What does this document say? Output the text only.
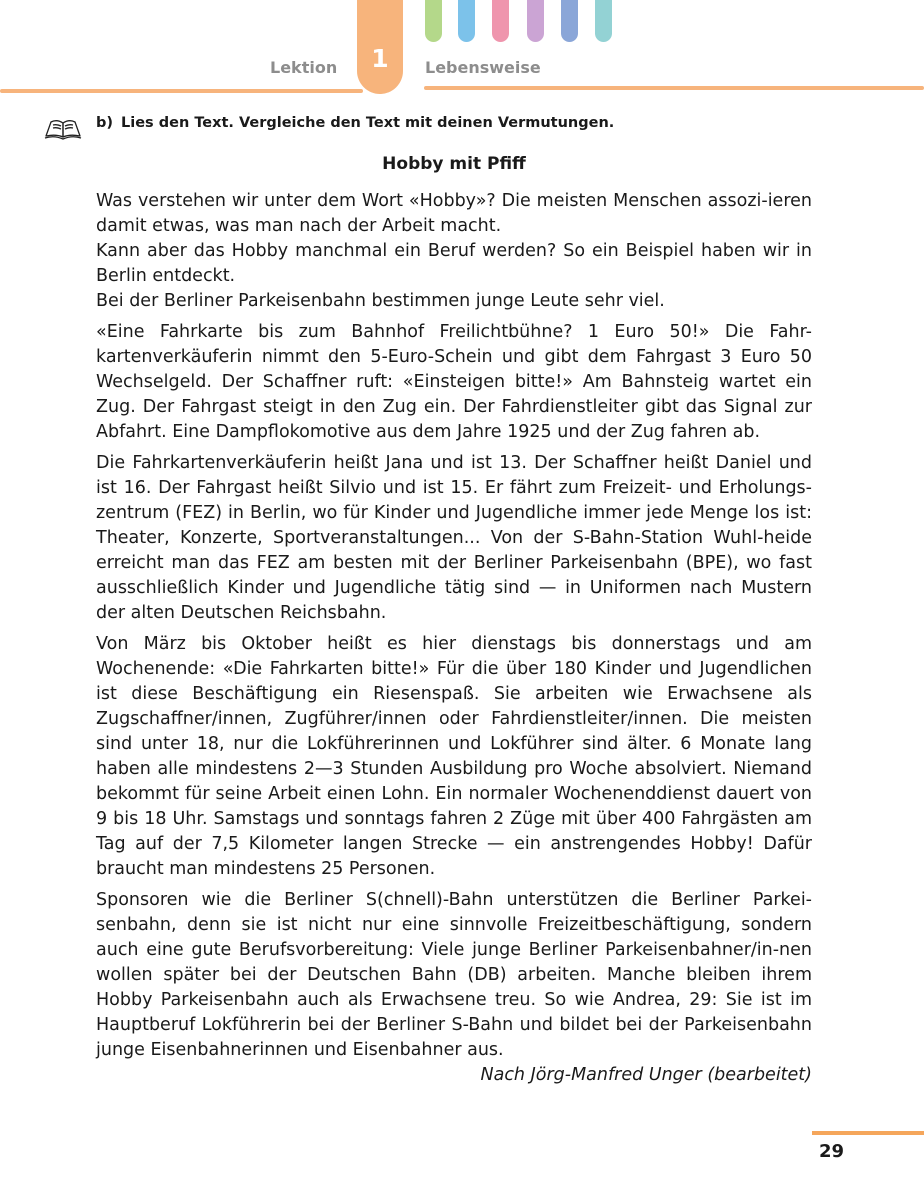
Lektion	1	Lebensweise
b) Lies den Text. Vergleiche den Text mit deinen Vermutungen.
Hobby mit Pfiff

Was verstehen wir unter dem Wort «Hobby»? Die meisten Menschen assozi-ieren damit etwas, was man nach der Arbeit macht.

Kann aber das Hobby manchmal ein Beruf werden? So ein Beispiel haben wir in Berlin entdeckt.

Bei der Berliner Parkeisenbahn bestimmen junge Leute sehr viel.

«Eine Fahrkarte bis zum Bahnhof Freilichtbühne? 1 Euro 50!» Die Fahr-kartenverkäuferin nimmt den 5-Euro-Schein und gibt dem Fahrgast 3 Euro 50 Wechselgeld. Der Schaffner ruft: «Einsteigen bitte!» Am Bahnsteig wartet ein Zug. Der Fahrgast steigt in den Zug ein. Der Fahrdienstleiter gibt das Signal zur Abfahrt. Eine Dampflokomotive aus dem Jahre 1925 und der Zug fahren ab.

Die Fahrkartenverkäuferin heißt Jana und ist 13. Der Schaffner heißt Daniel und ist 16. Der Fahrgast heißt Silvio und ist 15. Er fährt zum Freizeit- und Erholungs-zentrum (FEZ) in Berlin, wo für Kinder und Jugendliche immer jede Menge los ist: Theater, Konzerte, Sportveranstaltungen... Von der S-Bahn-Station Wuhl-heide erreicht man das FEZ am besten mit der Berliner Parkeisenbahn (BPE), wo fast ausschließlich Kinder und Jugendliche tätig sind — in Uniformen nach Mustern der alten Deutschen Reichsbahn.

Von März bis Oktober heißt es hier dienstags bis donnerstags und am Wochenende: «Die Fahrkarten bitte!» Für die über 180 Kinder und Jugendlichen ist diese Beschäftigung ein Riesenspaß. Sie arbeiten wie Erwachsene als Zugschaffner/innen, Zugführer/innen oder Fahrdienstleiter/innen. Die meisten sind unter 18, nur die Lokführerinnen und Lokführer sind älter. 6 Monate lang haben alle mindestens 2—3 Stunden Ausbildung pro Woche absolviert. Niemand bekommt für seine Arbeit einen Lohn. Ein normaler Wochenenddienst dauert von 9 bis 18 Uhr. Samstags und sonntags fahren 2 Züge mit über 400 Fahrgästen am Tag auf der 7,5 Kilometer langen Strecke — ein anstrengendes Hobby! Dafür braucht man mindestens 25 Personen.

Sponsoren wie die Berliner S(chnell)-Bahn unterstützen die Berliner Parkei-senbahn, denn sie ist nicht nur eine sinnvolle Freizeitbeschäftigung, sondern auch eine gute Berufsvorbereitung: Viele junge Berliner Parkeisenbahner/in-nen wollen später bei der Deutschen Bahn (DB) arbeiten. Manche bleiben ihrem Hobby Parkeisenbahn auch als Erwachsene treu. So wie Andrea, 29: Sie ist im Hauptberuf Lokführerin bei der Berliner S-Bahn und bildet bei der Parkeisenbahn junge Eisenbahnerinnen und Eisenbahner aus.

Nach Jörg-Manfred Unger (bearbeitet)
29
